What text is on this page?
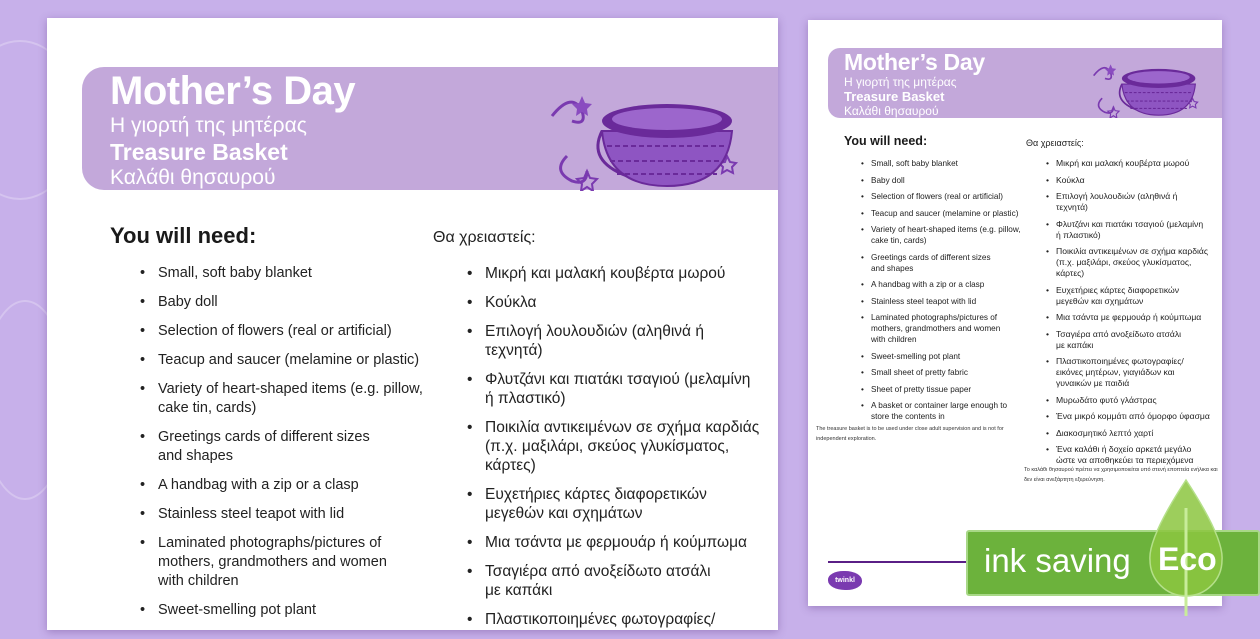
Mother’s Day
Η γιορτή της μητέρας
Treasure Basket
Καλάθι θησαυρού
You will need:	Θα χρειαστείς:
• Small, soft baby blanket
• Baby doll
• Selection of flowers (real or artificial)
• Teacup and saucer (melamine or plastic)
• Variety of heart-shaped items (e.g. pillow,
cake tin, cards)
• Greetings cards of different sizes
and shapes
• A handbag with a zip or a clasp
• Stainless steel teapot with lid
• Laminated photographs/pictures of
mothers, grandmothers and women
with children
• Sweet-smelling pot plant
• Μικρή και μαλακή κουβέρτα μωρού
• Κούκλα
• Επιλογή λουλουδιών (αληθινά ή
τεχνητά)
• Φλυτζάνι και πιατάκι τσαγιού (μελαμίνη
ή πλαστικό)
• Ποικιλία αντικειμένων σε σχήμα καρδιάς
(π.χ. μαξιλάρι, σκεύος γλυκίσματος,
κάρτες)
• Ευχετήριες κάρτες διαφορετικών
μεγεθών και σχημάτων
• Μια τσάντα με φερμουάρ ή κούμπωμα
• Τσαγιέρα από ανοξείδωτο ατσάλι
με καπάκι
• Πλαστικοποιημένες φωτογραφίες/
Mother’s Day
Η γιορτή της μητέρας
Treasure Basket
Καλάθι θησαυρού
You will need:	Θα χρειαστείς:
• Small, soft baby blanket
• Baby doll
• Selection of flowers (real or artificial)
• Teacup and saucer (melamine or plastic)
• Variety of heart-shaped items (e.g. pillow,
cake tin, cards)
• Greetings cards of different sizes
and shapes
• A handbag with a zip or a clasp
• Stainless steel teapot with lid
• Laminated photographs/pictures of
mothers, grandmothers and women
with children
• Sweet-smelling pot plant
• Small sheet of pretty fabric
• Sheet of pretty tissue paper
• A basket or container large enough to
store the contents in
• Μικρή και μαλακή κουβέρτα μωρού
• Κούκλα
• Επιλογή λουλουδιών (αληθινά ή
τεχνητά)
• Φλυτζάνι και πιατάκι τσαγιού (μελαμίνη
ή πλαστικό)
• Ποικιλία αντικειμένων σε σχήμα καρδιάς
(π.χ. μαξιλάρι, σκεύος γλυκίσματος,
κάρτες)
• Ευχετήριες κάρτες διαφορετικών
μεγεθών και σχημάτων
• Μια τσάντα με φερμουάρ ή κούμπωμα
• Τσαγιέρα από ανοξείδωτο ατσάλι
με καπάκι
• Πλαστικοποιημένες φωτογραφίες/
εικόνες μητέρων, γιαγιάδων και
γυναικών με παιδιά
• Μυρωδάτο φυτό γλάστρας
• Ένα μικρό κομμάτι από όμορφο ύφασμα
• Διακοσμητικό λεπτό χαρτί
• Ένα καλάθι ή δοχείο αρκετά μεγάλο
ώστε να αποθηκεύει τα περιεχόμενα
The treasure basket is to be used under close adult supervision and is not for independent exploration.
Το καλάθι θησαυρού πρέπει να χρησιμοποιείται υπό στενή εποπτεία ενήλικα και δεν είναι ανεξάρτητη εξερεύνηση.
twinkl
ink saving Eco
